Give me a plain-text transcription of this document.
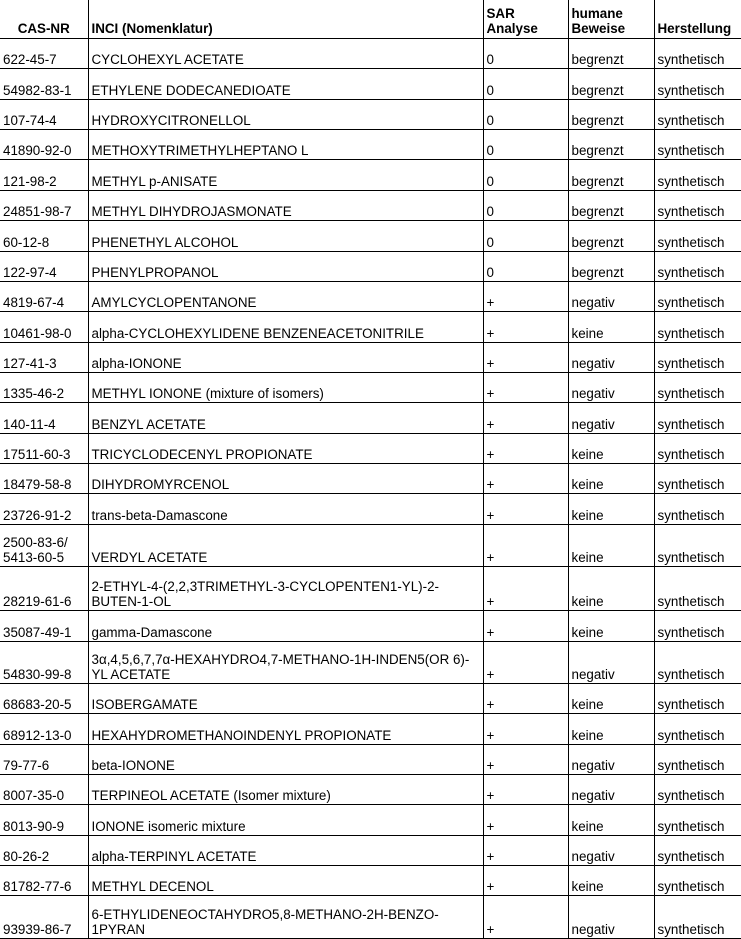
CAS-NR	INCI (Nomenklatur)	SAR Analyse	humane Beweise	Herstellung
622-45-7	CYCLOHEXYL ACETATE	0	begrenzt	synthetisch
54982-83-1	ETHYLENE DODECANEDIOATE	0	begrenzt	synthetisch
107-74-4	HYDROXYCITRONELLOL	0	begrenzt	synthetisch
41890-92-0	METHOXYTRIMETHYLHEPTANO L	0	begrenzt	synthetisch
121-98-2	METHYL p-ANISATE	0	begrenzt	synthetisch
24851-98-7	METHYL DIHYDROJASMONATE	0	begrenzt	synthetisch
60-12-8	PHENETHYL ALCOHOL	0	begrenzt	synthetisch
122-97-4	PHENYLPROPANOL	0	begrenzt	synthetisch
4819-67-4	AMYLCYCLOPENTANONE	+	negativ	synthetisch
10461-98-0	alpha-CYCLOHEXYLIDENE BENZENEACETONITRILE	+	keine	synthetisch
127-41-3	alpha-IONONE	+	negativ	synthetisch
1335-46-2	METHYL IONONE (mixture of isomers)	+	negativ	synthetisch
140-11-4	BENZYL ACETATE	+	negativ	synthetisch
17511-60-3	TRICYCLODECENYL PROPIONATE	+	keine	synthetisch
18479-58-8	DIHYDROMYRCENOL	+	keine	synthetisch
23726-91-2	trans-beta-Damascone	+	keine	synthetisch
2500-83-6/ 5413-60-5	VERDYL ACETATE	+	keine	synthetisch
28219-61-6	2-ETHYL-4-(2,2,3TRIMETHYL-3-CYCLOPENTEN1-YL)-2-BUTEN-1-OL	+	keine	synthetisch
35087-49-1	gamma-Damascone	+	keine	synthetisch
54830-99-8	3α,4,5,6,7,7α-HEXAHYDRO4,7-METHANO-1H-INDEN5(OR 6)-YL ACETATE	+	negativ	synthetisch
68683-20-5	ISOBERGAMATE	+	keine	synthetisch
68912-13-0	HEXAHYDROMETHANOINDENYL PROPIONATE	+	keine	synthetisch
79-77-6	beta-IONONE	+	negativ	synthetisch
8007-35-0	TERPINEOL ACETATE (Isomer mixture)	+	negativ	synthetisch
8013-90-9	IONONE isomeric mixture	+	keine	synthetisch
80-26-2	alpha-TERPINYL ACETATE	+	negativ	synthetisch
81782-77-6	METHYL DECENOL	+	keine	synthetisch
93939-86-7	6-ETHYLIDENEOCTAHYDRO5,8-METHANO-2H-BENZO-1PYRAN	+	negativ	synthetisch
